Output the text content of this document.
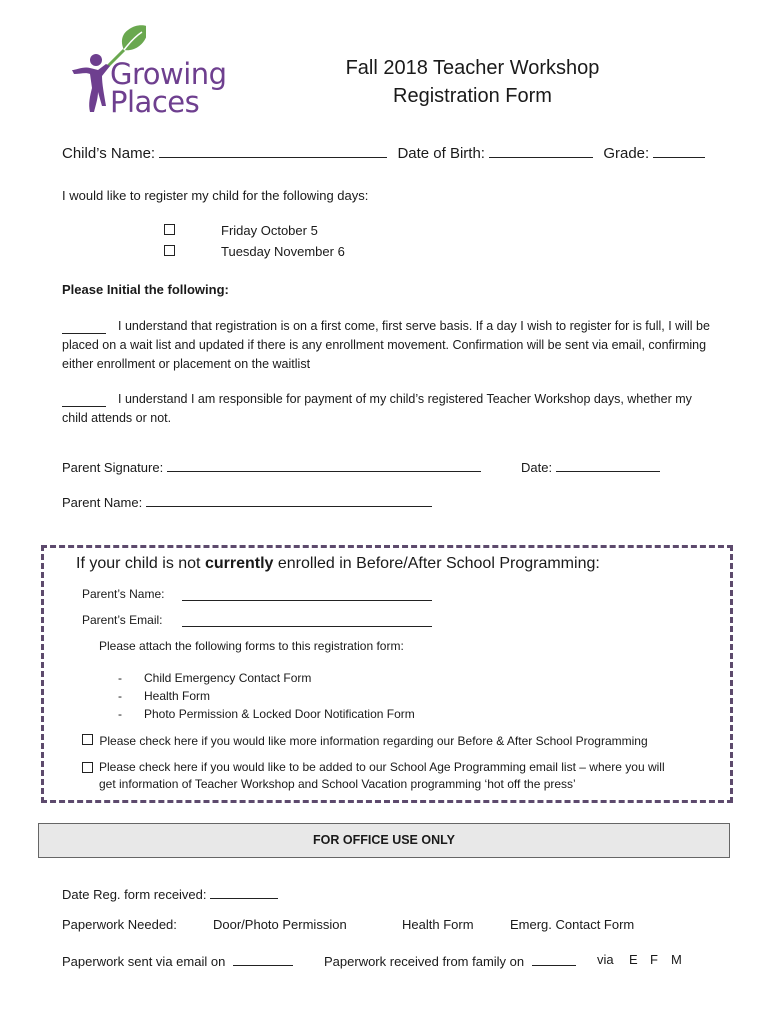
Growing
Places
Fall 2018 Teacher Workshop
Registration Form
Child’s Name:	Date of Birth:	Grade:
I would like to register my child for the following days:
Friday October 5
Tuesday November 6
Please Initial the following:
I understand that registration is on a first come, first serve basis. If a day I wish to register for is full, I will be placed on a wait list and updated if there is any enrollment movement. Confirmation will be sent via email, confirming either enrollment or placement on the waitlist
I understand I am responsible for payment of my child’s registered Teacher Workshop days, whether my child attends or not.
Parent Signature:	Date:
Parent Name:
If your child is not currently enrolled in Before/After School Programming:
Parent’s Name:
Parent’s Email:
Please attach the following forms to this registration form:
- Child Emergency Contact Form
- Health Form
- Photo Permission & Locked Door Notification Form
Please check here if you would like more information regarding our Before & After School Programming
Please check here if you would like to be added to our School Age Programming email list – where you will get information of Teacher Workshop and School Vacation programming ‘hot off the press’
FOR OFFICE USE ONLY
Date Reg. form received:
Paperwork Needed:	Door/Photo Permission	Health Form	Emerg. Contact Form
Paperwork sent via email on	Paperwork received from family on	via E F M
